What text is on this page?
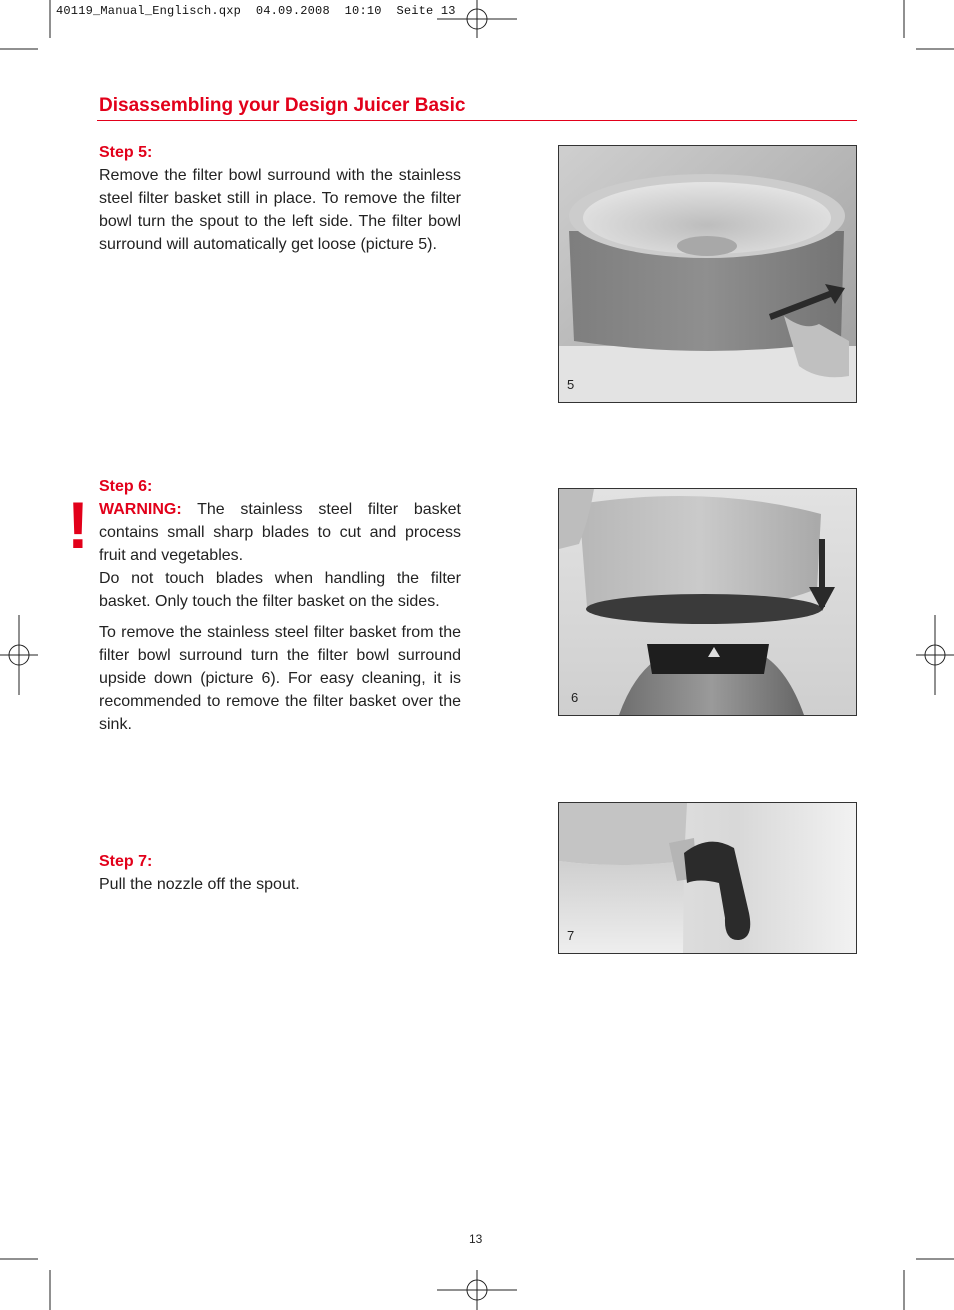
40119_Manual_Englisch.qxp  04.09.2008  10:10  Seite 13
Disassembling your Design Juicer Basic
Step 5:

Remove the filter bowl surround with the stainless steel filter basket still in place. To remove the filter bowl turn the spout to the left side. The filter bowl surround will automatically get loose (picture 5).

5
!
Step 6:

WARNING: The stainless steel filter basket contains small sharp blades to cut and process fruit and vegetables.

Do not touch blades when handling the filter basket. Only touch the filter basket on the sides.

To remove the stainless steel filter basket from the filter bowl surround turn the filter bowl surround upside down (picture 6). For easy cleaning, it is recommended to remove the filter basket over the sink.

6
Step 7:

Pull the nozzle off the spout.

7
13
